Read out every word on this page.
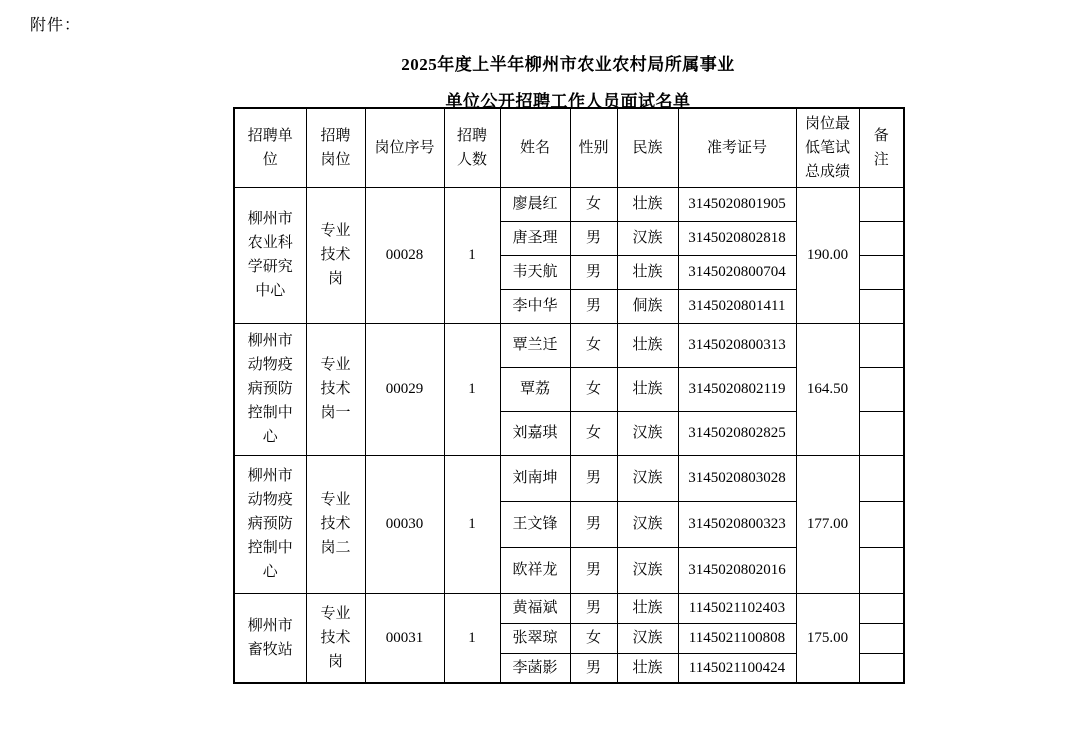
附件：
2025年度上半年柳州市农业农村局所属事业
单位公开招聘工作人员面试名单
招聘单位	招聘岗位	岗位序号	招聘人数	姓名	性别	民族	准考证号	岗位最低笔试总成绩	备注
柳州市农业科学研究中心	专业技术岗	00028	1	廖晨红	女	壮族	3145020801905	190.00	
				唐圣理	男	汉族	3145020802818		
				韦天航	男	壮族	3145020800704		
				李中华	男	侗族	3145020801411		
柳州市动物疫病预防控制中心	专业技术岗一	00029	1	覃兰迁	女	壮族	3145020800313	164.50	
				覃荔	女	壮族	3145020802119		
				刘嘉琪	女	汉族	3145020802825		
柳州市动物疫病预防控制中心	专业技术岗二	00030	1	刘南坤	男	汉族	3145020803028	177.00	
				王文锋	男	汉族	3145020800323		
				欧祥龙	男	汉族	3145020802016		
柳州市畜牧站	专业技术岗	00031	1	黄福斌	男	壮族	1145021102403	175.00	
				张翠琼	女	汉族	1145021100808		
				李菡影	男	壮族	1145021100424		
